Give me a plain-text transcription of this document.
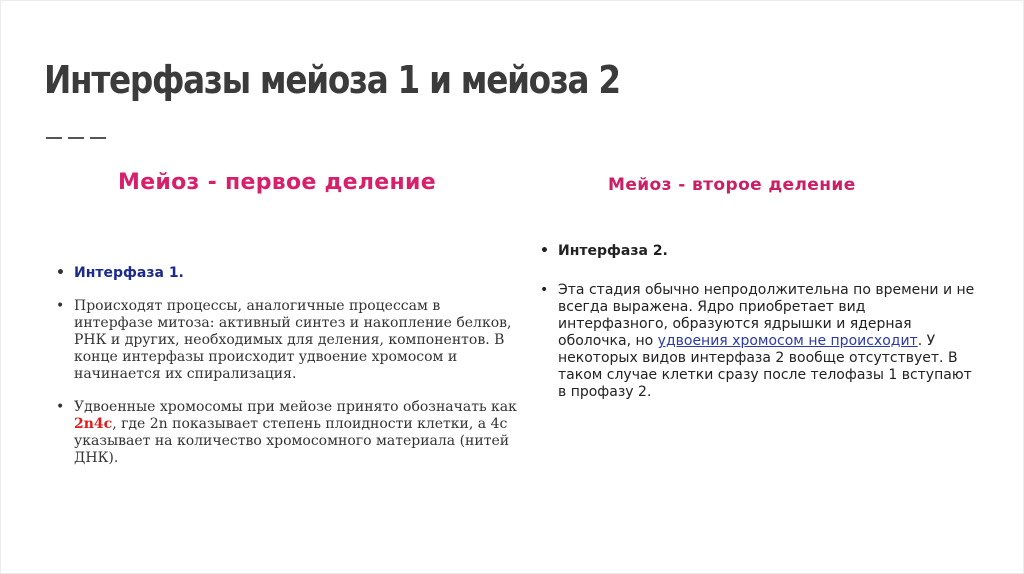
Интерфазы мейоза 1 и мейоза 2
Мейоз - первое деление
• Интерфаза 1.
• Происходят процессы, аналогичные процессам в интерфазе митоза: активный синтез и накопление белков, РНК и других, необходимых для деления, компонентов. В конце интерфазы происходит удвоение хромосом и начинается их спирализация.
• Удвоенные хромосомы при мейозе принято обозначать как 2n4c, где 2n показывает степень плоидности клетки, а 4c указывает на количество хромосомного материала (нитей ДНК).
Мейоз - второе деление
• Интерфаза 2.
• Эта стадия обычно непродолжительна по времени и не всегда выражена. Ядро приобретает вид интерфазного, образуются ядрышки и ядерная оболочка, но удвоения хромосом не происходит. У некоторых видов интерфаза 2 вообще отсутствует. В таком случае клетки сразу после телофазы 1 вступают в профазу 2.
